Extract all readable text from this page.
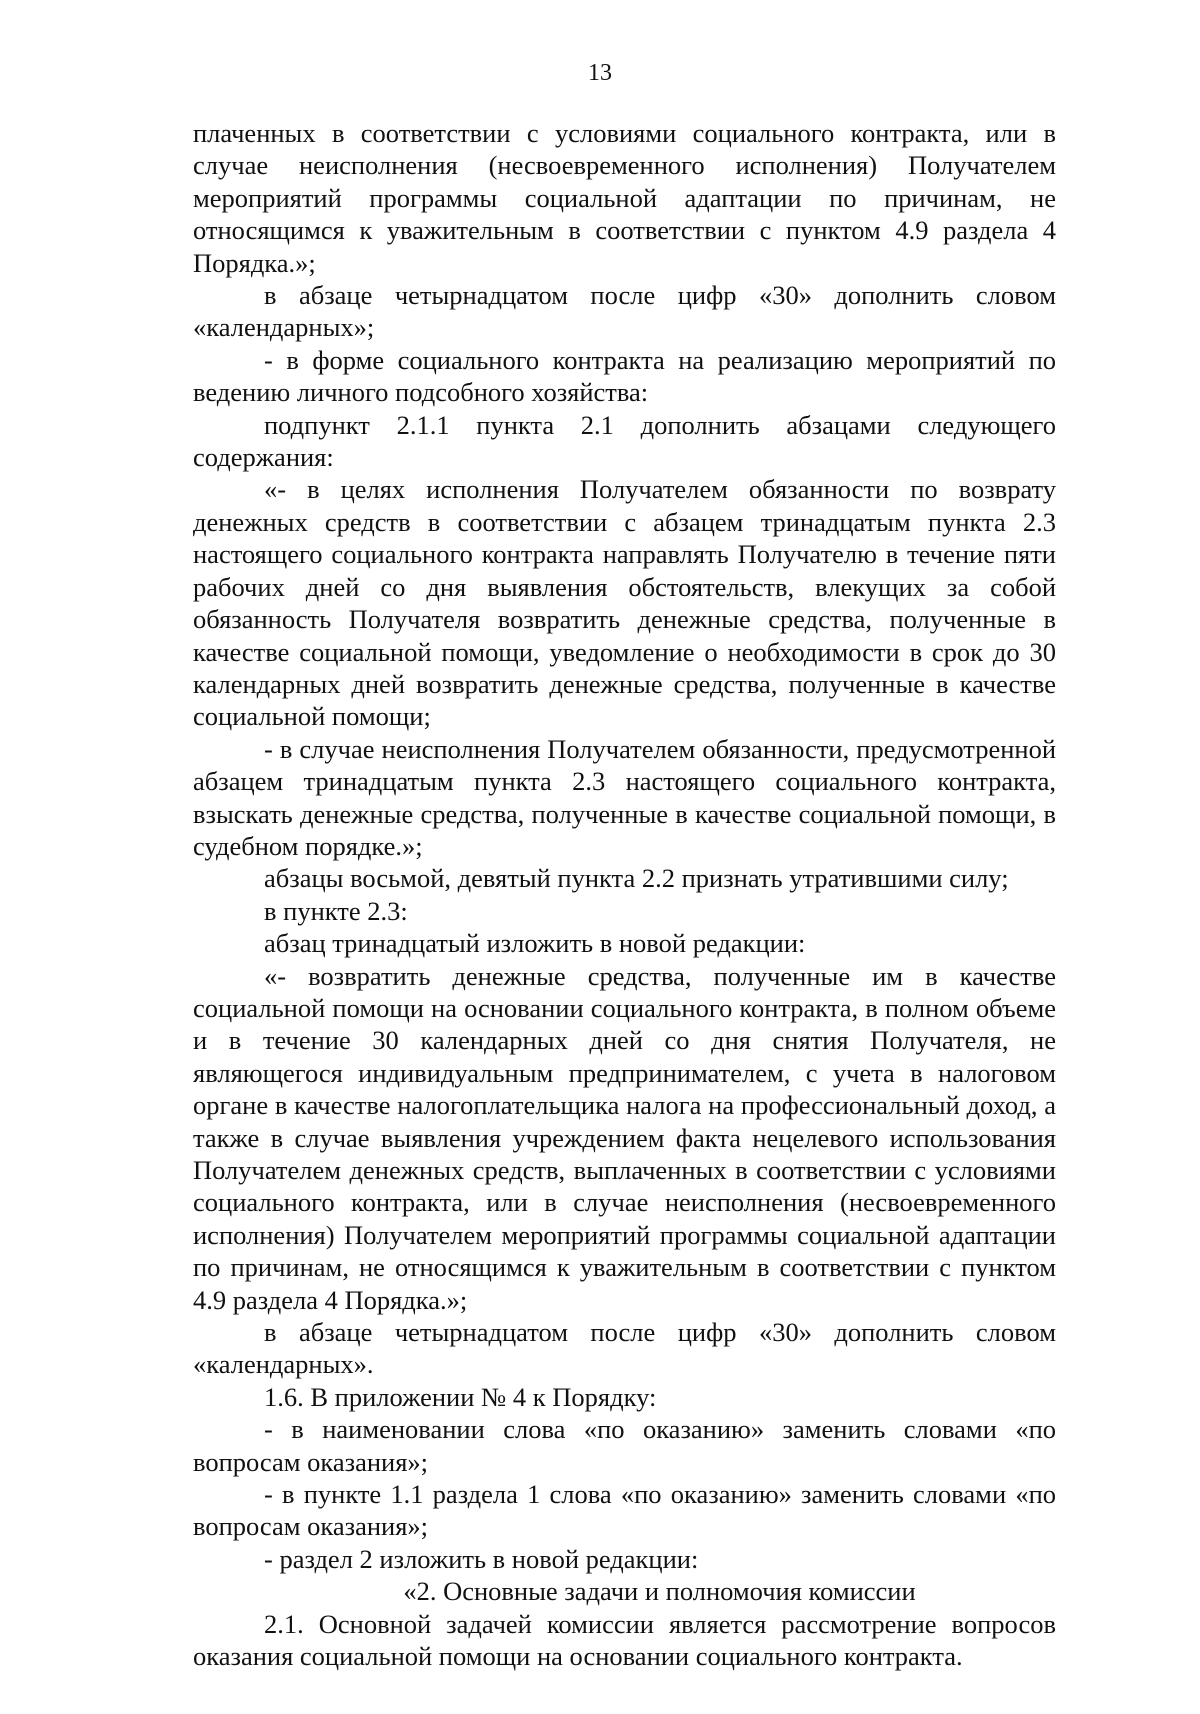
13

плаченных в соответствии с условиями социального контракта, или в случае неисполнения (несвоевременного исполнения) Получателем мероприятий программы социальной адаптации по причинам, не относящимся к уважительным в соответствии с пунктом 4.9 раздела 4 Порядка.»;

в абзаце четырнадцатом после цифр «30» дополнить словом «календарных»;

- в форме социального контракта на реализацию мероприятий по ведению личного подсобного хозяйства:

подпункт 2.1.1 пункта 2.1 дополнить абзацами следующего содержания:

«- в целях исполнения Получателем обязанности по возврату денежных средств в соответствии с абзацем тринадцатым пункта 2.3 настоящего социального контракта направлять Получателю в течение пяти рабочих дней со дня выявления обстоятельств, влекущих за собой обязанность Получателя возвратить денежные средства, полученные в качестве социальной помощи, уведомление о необходимости в срок до 30 календарных дней возвратить денежные средства, полученные в качестве социальной помощи;

- в случае неисполнения Получателем обязанности, предусмотренной абзацем тринадцатым пункта 2.3 настоящего социального контракта, взыскать денежные средства, полученные в качестве социальной помощи, в судебном порядке.»;

абзацы восьмой, девятый пункта 2.2 признать утратившими силу;

в пункте 2.3:

абзац тринадцатый изложить в новой редакции:

«- возвратить денежные средства, полученные им в качестве социальной помощи на основании социального контракта, в полном объеме и в течение 30 календарных дней со дня снятия Получателя, не являющегося индивидуальным предпринимателем, с учета в налоговом органе в качестве налогоплательщика налога на профессиональный доход, а также в случае выявления учреждением факта нецелевого использования Получателем денежных средств, выплаченных в соответствии с условиями социального контракта, или в случае неисполнения (несвоевременного исполнения) Получателем мероприятий программы социальной адаптации по причинам, не относящимся к уважительным в соответствии с пунктом 4.9 раздела 4 Порядка.»;

в абзаце четырнадцатом после цифр «30» дополнить словом «календарных».

1.6. В приложении № 4 к Порядку:

- в наименовании слова «по оказанию» заменить словами «по вопросам оказания»;

- в пункте 1.1 раздела 1 слова «по оказанию» заменить словами «по вопросам оказания»;

- раздел 2 изложить в новой редакции:

«2. Основные задачи и полномочия комиссии

2.1. Основной задачей комиссии является рассмотрение вопросов оказания социальной помощи на основании социального контракта.
